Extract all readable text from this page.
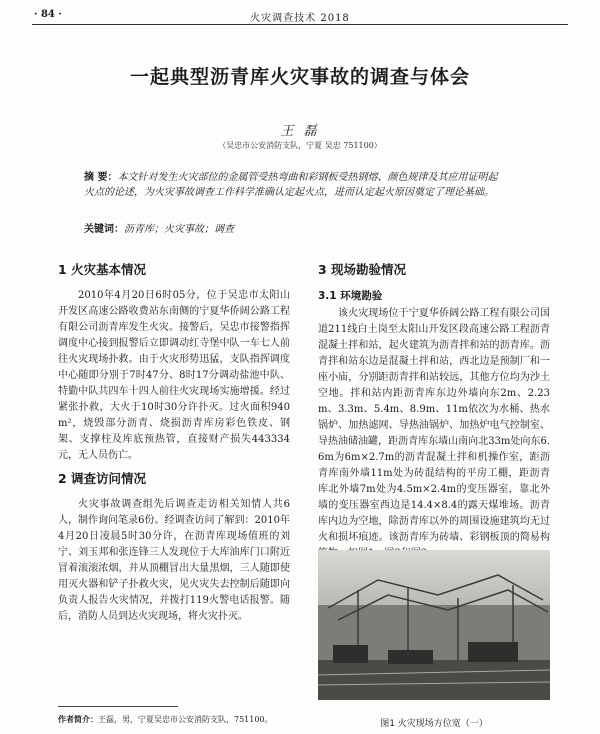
· 84 ·	火灾调查技术 2018
一起典型沥青库火灾事故的调查与体会
王 磊
（吴忠市公安消防支队，宁夏 吴忠 751100）
摘 要：本文针对发生火灾部位的金属管受热弯曲和彩钢板受热钢熔、颜色规律及其应用证明起火点的论述，为火灾事故调查工作科学准确认定起火点，进而认定起火原因奠定了理论基础。
关键词：沥青库；火灾事故；调查
1 火灾基本情况

2010年4月20日6时05分，位于吴忠市太阳山开发区高速公路收费站东南侧的宁夏华侨阔公路工程有限公司沥青库发生火灾。接警后，吴忠市接警指挥调度中心接到报警后立即调动红寺堡中队一车七人前往火灾现场扑救。由于火灾形势迅猛，支队指挥调度中心随即分别于7时47分、8时17分调动盐池中队、特勤中队共四车十四人前往火灾现场实施增援。经过紧张扑救，大火于10时30分许扑灭。过火面积940m²，烧毁部分沥青、烧损沥青库房彩色铁皮、钢架、支撑柱及库底预热管，直接财产损失443334元，无人员伤亡。

2 调查访问情况

火灾事故调查组先后调查走访相关知情人共6人，制作询问笔录6份。经调查访问了解到：2010年4月20日凌晨5时30分许，在沥青库现场值班的刘宁、刘玉邦和张连锋三人发现位于大库油库门口附近冒着滚滚浓烟，并从顶棚冒出大量黑烟，三人随即使用灭火器和铲子扑救火灾，见火灾失去控制后随即向负责人报告火灾情况，并拨打119火警电话报警。随后，消防人员到达火灾现场，将火灾扑灭。

3 现场勘验情况
3.1 环境勘验

该火灾现场位于宁夏华侨阔公路工程有限公司国道211线白土岗至太阳山开发区段高速公路工程沥青混凝土拌和站，起火建筑为沥青拌和站的沥青库。沥青拌和站东边是混凝土拌和站，西北边是预制厂和一座小庙，分别距沥青拌和站较远，其他方位均为沙土空地。拌和站内距沥青库东边外墙向东2m、2.23m、3.3m、5.4m、8.9m、11m依次为水桶、热水锅炉、加热滤网、导热油锅炉、加热炉电气控制室、导热油储油罐，距沥青库东墙山南向北33m处向东6.6m为6m×2.7m的沥青混凝土拌和机操作室，距沥青库南外墙11m处为砖混结构的平房工棚，距沥青库北外墙7m处为4.5m×2.4m的变压器室，靠北外墙的变压器室西边是14.4×8.4的露天煤堆场。沥青库内边为空地，除沥青库以外的周围设施建筑均无过火和损坏痕迹。该沥青库为砖墙、彩钢板顶的简易构

图1 火灾现场方位宽（一）
作者简介：王磊，男，宁夏吴忠市公安消防支队，751100。
